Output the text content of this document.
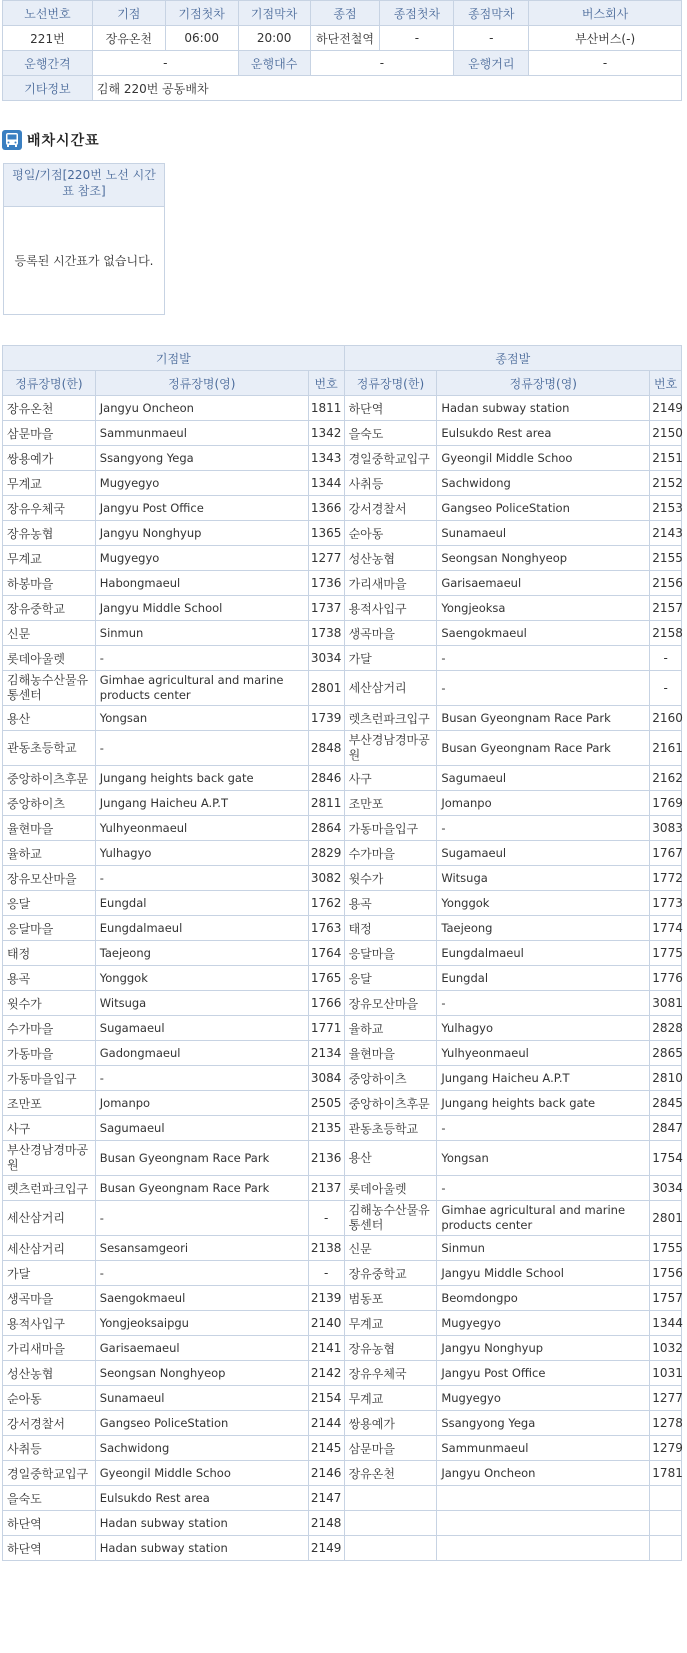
노선번호	기점	기점첫차	기점막차	종점	종점첫차	종점막차	버스회사
221번	장유온천	06:00	20:00	하단전철역	-	-	부산버스(-)
운행간격	-		운행대수	-		운행거리	-
기타정보	김해 220번 공동배차						
배차시간표
평일/기점[220번 노선 시간표 참조]
등록된 시간표가 없습니다.
기점발			종점발		
정류장명(한)	정류장명(영)	번호	정류장명(한)	정류장명(영)	번호
장유온천	Jangyu Oncheon	1811	하단역	Hadan subway station	2149
삼문마을	Sammunmaeul	1342	을숙도	Eulsukdo Rest area	2150
쌍용예가	Ssangyong Yega	1343	경일중학교입구	Gyeongil Middle Schoo	2151
무계교	Mugyegyo	1344	사취등	Sachwidong	2152
장유우체국	Jangyu Post Office	1366	강서경찰서	Gangseo PoliceStation	2153
장유농협	Jangyu Nonghyup	1365	순아동	Sunamaeul	2143
무계교	Mugyegyo	1277	성산농협	Seongsan Nonghyeop	2155
하봉마을	Habongmaeul	1736	가리새마을	Garisaemaeul	2156
장유중학교	Jangyu Middle School	1737	용적사입구	Yongjeoksa	2157
신문	Sinmun	1738	생곡마을	Saengokmaeul	2158
롯데아울렛	-	3034	가달	-	-
김해농수산물유통센터	Gimhae agricultural and marine products center	2801	세산삼거리	-	-
용산	Yongsan	1739	렛츠런파크입구	Busan Gyeongnam Race Park	2160
관동초등학교	-	2848	부산경남경마공원	Busan Gyeongnam Race Park	2161
중앙하이츠후문	Jungang heights back gate	2846	사구	Sagumaeul	2162
중앙하이츠	Jungang Haicheu A.P.T	2811	조만포	Jomanpo	1769
율현마을	Yulhyeonmaeul	2864	가동마을입구	-	3083
율하교	Yulhagyo	2829	수가마을	Sugamaeul	1767
장유모산마을	-	3082	윗수가	Witsuga	1772
응달	Eungdal	1762	용곡	Yonggok	1773
응달마을	Eungdalmaeul	1763	태정	Taejeong	1774
태정	Taejeong	1764	응달마을	Eungdalmaeul	1775
용곡	Yonggok	1765	응달	Eungdal	1776
윗수가	Witsuga	1766	장유모산마을	-	3081
수가마을	Sugamaeul	1771	율하교	Yulhagyo	2828
가동마을	Gadongmaeul	2134	율현마을	Yulhyeonmaeul	2865
가동마을입구	-	3084	중앙하이츠	Jungang Haicheu A.P.T	2810
조만포	Jomanpo	2505	중앙하이츠후문	Jungang heights back gate	2845
사구	Sagumaeul	2135	관동초등학교	-	2847
부산경남경마공원	Busan Gyeongnam Race Park	2136	용산	Yongsan	1754
렛츠런파크입구	Busan Gyeongnam Race Park	2137	롯데아울렛	-	3034
세산삼거리	-	-	김해농수산물유통센터	Gimhae agricultural and marine products center	2801
세산삼거리	Sesansamgeori	2138	신문	Sinmun	1755
가달	-	-	장유중학교	Jangyu Middle School	1756
생곡마을	Saengokmaeul	2139	범동포	Beomdongpo	1757
용적사입구	Yongjeoksaipgu	2140	무계교	Mugyegyo	1344
가리새마을	Garisaemaeul	2141	장유농협	Jangyu Nonghyup	1032
성산농협	Seongsan Nonghyeop	2142	장유우체국	Jangyu Post Office	1031
순아동	Sunamaeul	2154	무계교	Mugyegyo	1277
강서경찰서	Gangseo PoliceStation	2144	쌍용예가	Ssangyong Yega	1278
사취등	Sachwidong	2145	삼문마을	Sammunmaeul	1279
경일중학교입구	Gyeongil Middle Schoo	2146	장유온천	Jangyu Oncheon	1781
을숙도	Eulsukdo Rest area	2147			
하단역	Hadan subway station	2148			
하단역	Hadan subway station	2149			
